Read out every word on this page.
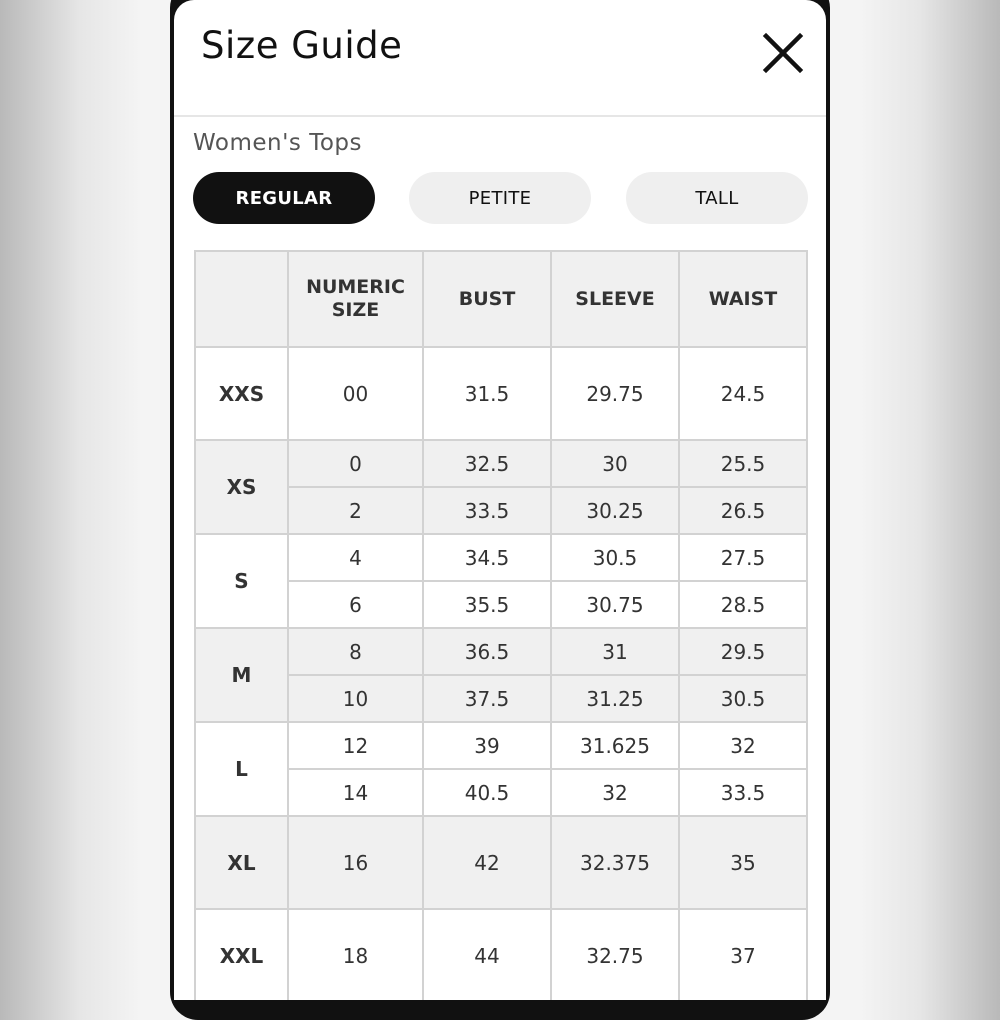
Size Guide
Women's Tops
REGULAR	PETITE	TALL
	NUMERIC SIZE	BUST	SLEEVE	WAIST
XXS	00	31.5	29.75	24.5
XS	0	32.5	30	25.5
	2	33.5	30.25	26.5
S	4	34.5	30.5	27.5
	6	35.5	30.75	28.5
M	8	36.5	31	29.5
	10	37.5	31.25	30.5
L	12	39	31.625	32
	14	40.5	32	33.5
XL	16	42	32.375	35
XXL	18	44	32.75	37
